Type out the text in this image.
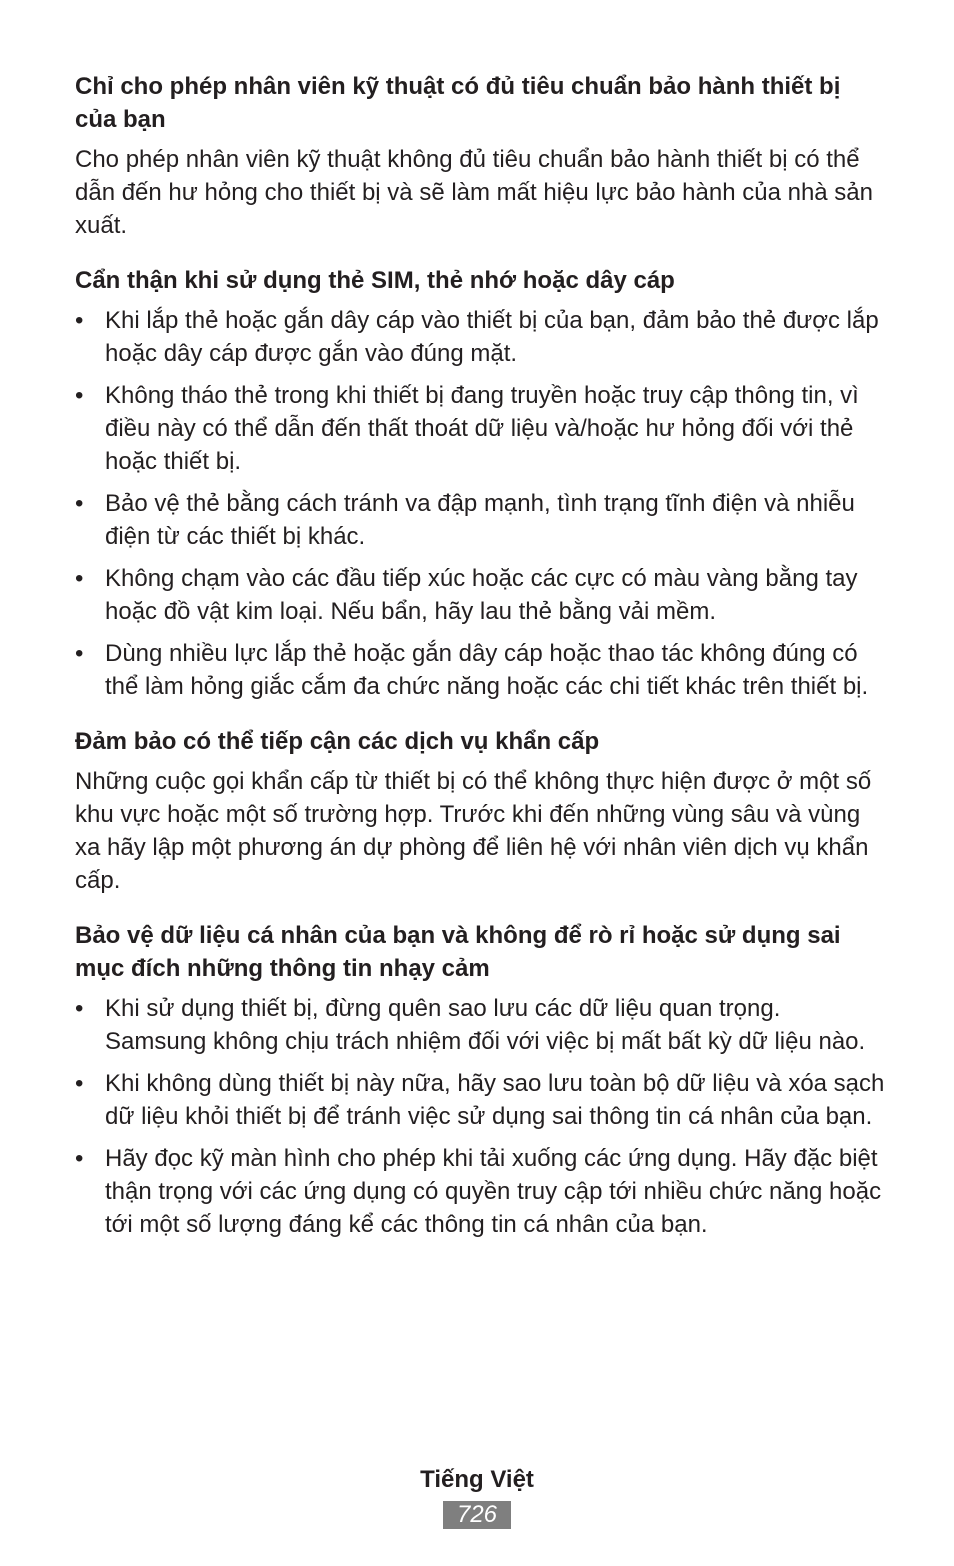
Chỉ cho phép nhân viên kỹ thuật có đủ tiêu chuẩn bảo hành thiết bị của bạn

Cho phép nhân viên kỹ thuật không đủ tiêu chuẩn bảo hành thiết bị có thể dẫn đến hư hỏng cho thiết bị và sẽ làm mất hiệu lực bảo hành của nhà sản xuất.

Cẩn thận khi sử dụng thẻ SIM, thẻ nhớ hoặc dây cáp
• Khi lắp thẻ hoặc gắn dây cáp vào thiết bị của bạn, đảm bảo thẻ được lắp hoặc dây cáp được gắn vào đúng mặt.
• Không tháo thẻ trong khi thiết bị đang truyền hoặc truy cập thông tin, vì điều này có thể dẫn đến thất thoát dữ liệu và/hoặc hư hỏng đối với thẻ hoặc thiết bị.
• Bảo vệ thẻ bằng cách tránh va đập mạnh, tình trạng tĩnh điện và nhiễu điện từ các thiết bị khác.
• Không chạm vào các đầu tiếp xúc hoặc các cực có màu vàng bằng tay hoặc đồ vật kim loại. Nếu bẩn, hãy lau thẻ bằng vải mềm.
• Dùng nhiều lực lắp thẻ hoặc gắn dây cáp hoặc thao tác không đúng có thể làm hỏng giắc cắm đa chức năng hoặc các chi tiết khác trên thiết bị.
Đảm bảo có thể tiếp cận các dịch vụ khẩn cấp

Những cuộc gọi khẩn cấp từ thiết bị có thể không thực hiện được ở một số khu vực hoặc một số trường hợp. Trước khi đến những vùng sâu và vùng xa hãy lập một phương án dự phòng để liên hệ với nhân viên dịch vụ khẩn cấp.

Bảo vệ dữ liệu cá nhân của bạn và không để rò rỉ hoặc sử dụng sai mục đích những thông tin nhạy cảm
• Khi sử dụng thiết bị, đừng quên sao lưu các dữ liệu quan trọng. Samsung không chịu trách nhiệm đối với việc bị mất bất kỳ dữ liệu nào.
• Khi không dùng thiết bị này nữa, hãy sao lưu toàn bộ dữ liệu và xóa sạch dữ liệu khỏi thiết bị để tránh việc sử dụng sai thông tin cá nhân của bạn.
• Hãy đọc kỹ màn hình cho phép khi tải xuống các ứng dụng. Hãy đặc biệt thận trọng với các ứng dụng có quyền truy cập tới nhiều chức năng hoặc tới một số lượng đáng kể các thông tin cá nhân của bạn.
Tiếng Việt
726
